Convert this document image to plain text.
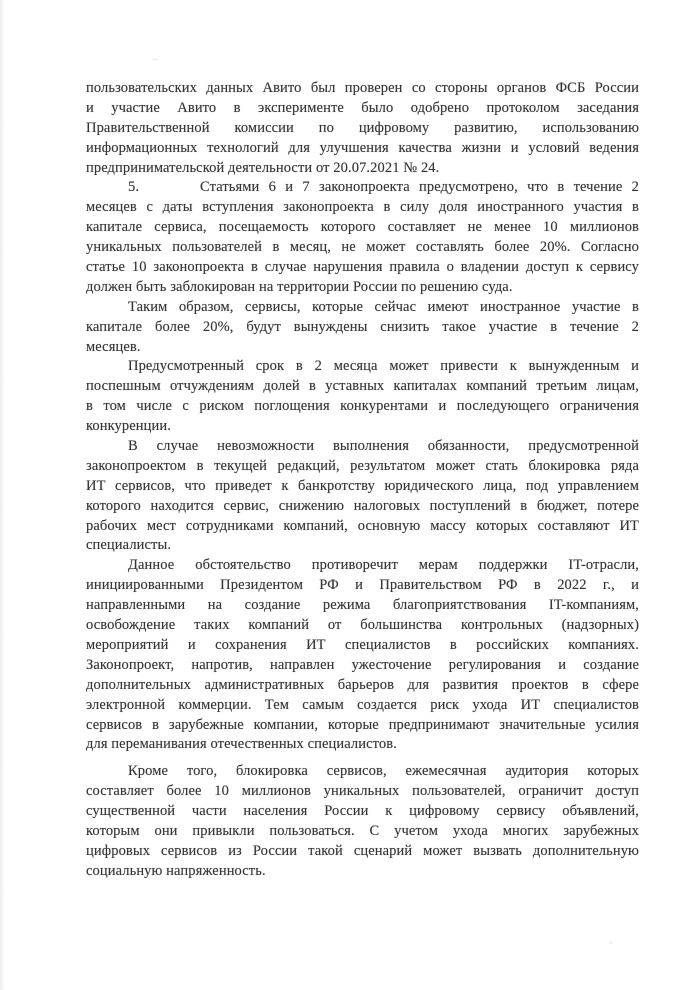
пользовательских данных Авито был проверен со стороны органов ФСБ России
и участие Авито в эксперименте было одобрено протоколом заседания
Правительственной комиссии по цифровому развитию, использованию
информационных технологий для улучшения качества жизни и условий ведения
предпринимательской деятельности от 20.07.2021 № 24.

5.	Статьями 6 и 7 законопроекта предусмотрено, что в течение 2
месяцев с даты вступления законопроекта в силу доля иностранного участия в
капитале сервиса, посещаемость которого составляет не менее 10 миллионов
уникальных пользователей в месяц, не может составлять более 20%. Согласно
статье 10 законопроекта в случае нарушения правила о владении доступ к сервису
должен быть заблокирован на территории России по решению суда.

Таким образом, сервисы, которые сейчас имеют иностранное участие в
капитале более 20%, будут вынуждены снизить такое участие в течение 2
месяцев.

Предусмотренный срок в 2 месяца может привести к вынужденным и
поспешным отчуждениям долей в уставных капиталах компаний третьим лицам,
в том числе с риском поглощения конкурентами и последующего ограничения
конкуренции.

В случае невозможности выполнения обязанности, предусмотренной
законопроектом в текущей редакций, результатом может стать блокировка ряда
ИТ сервисов, что приведет к банкротству юридического лица, под управлением
которого находится сервис, снижению налоговых поступлений в бюджет, потере
рабочих мест сотрудниками компаний, основную массу которых составляют ИТ
специалисты.

Данное обстоятельство противоречит мерам поддержки IT-отрасли,
инициированными Президентом РФ и Правительством РФ в 2022 г., и
направленными на создание режима благоприятствования IT-компаниям,
освобождение таких компаний от большинства контрольных (надзорных)
мероприятий и сохранения ИТ специалистов в российских компаниях.
Законопроект, напротив, направлен ужесточение регулирования и создание
дополнительных административных барьеров для развития проектов в сфере
электронной коммерции. Тем самым создается риск ухода ИТ специалистов
сервисов в зарубежные компании, которые предпринимают значительные усилия
для переманивания отечественных специалистов.

Кроме того, блокировка сервисов, ежемесячная аудитория которых
составляет более 10 миллионов уникальных пользователей, ограничит доступ
существенной части населения России к цифровому сервису объявлений,
которым они привыкли пользоваться. С учетом ухода многих зарубежных
цифровых сервисов из России такой сценарий может вызвать дополнительную
социальную напряженность.
